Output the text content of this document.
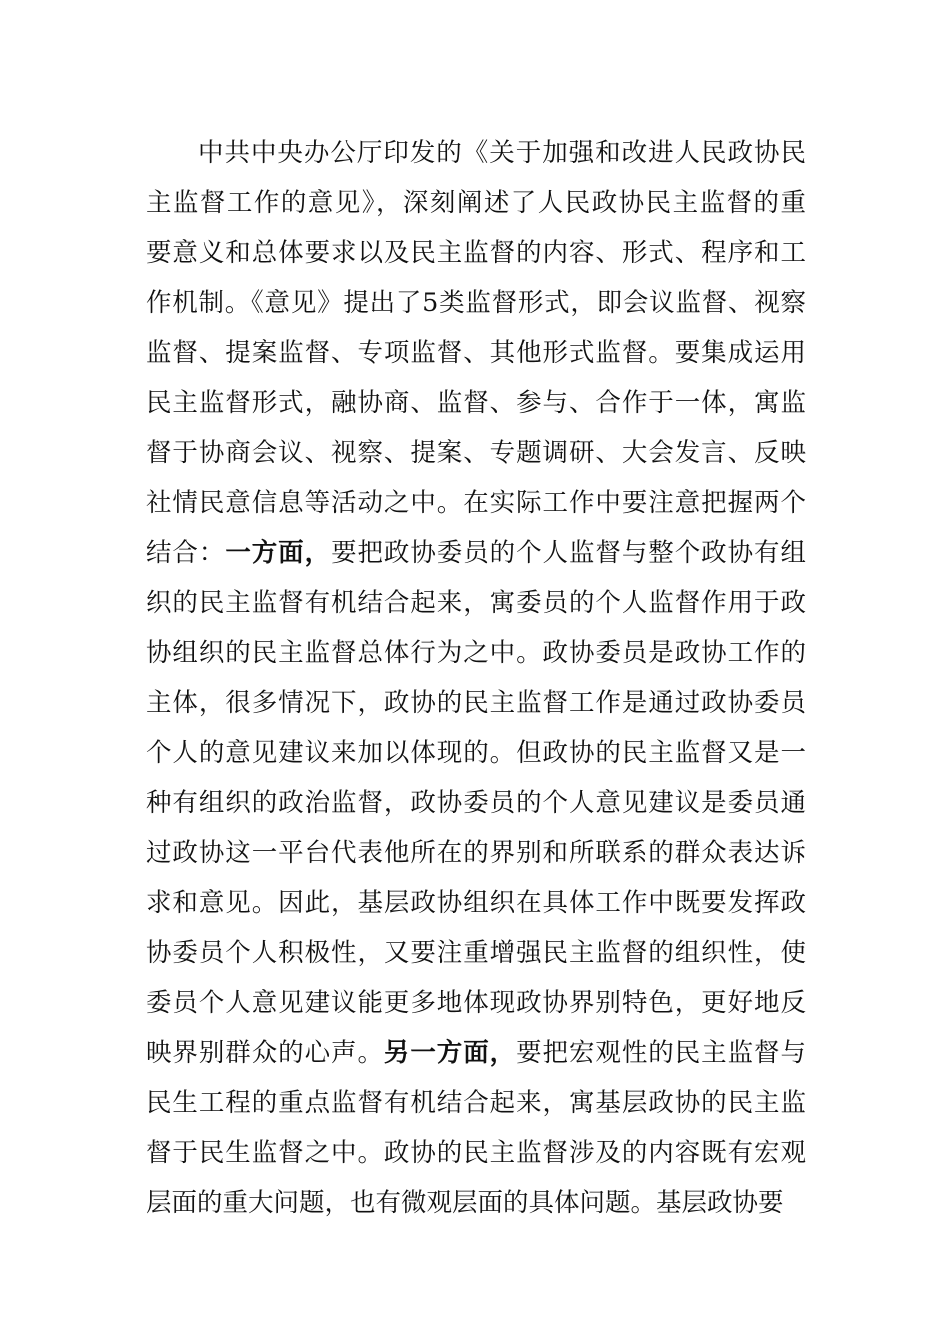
中共中央办公厅印发的《关于加强和改进人民政协民
主监督工作的意见》，深刻阐述了人民政协民主监督的重
要意义和总体要求以及民主监督的内容、形式、程序和工
作机制。《意见》提出了5类监督形式，即会议监督、视察
监督、提案监督、专项监督、其他形式监督。要集成运用
民主监督形式，融协商、监督、参与、合作于一体，寓监
督于协商会议、视察、提案、专题调研、大会发言、反映
社情民意信息等活动之中。在实际工作中要注意把握两个
结合：一方面，要把政协委员的个人监督与整个政协有组
织的民主监督有机结合起来，寓委员的个人监督作用于政
协组织的民主监督总体行为之中。政协委员是政协工作的
主体，很多情况下，政协的民主监督工作是通过政协委员
个人的意见建议来加以体现的。但政协的民主监督又是一
种有组织的政治监督，政协委员的个人意见建议是委员通
过政协这一平台代表他所在的界别和所联系的群众表达诉
求和意见。因此，基层政协组织在具体工作中既要发挥政
协委员个人积极性，又要注重增强民主监督的组织性，使
委员个人意见建议能更多地体现政协界别特色，更好地反
映界别群众的心声。另一方面，要把宏观性的民主监督与
民生工程的重点监督有机结合起来，寓基层政协的民主监
督于民生监督之中。政协的民主监督涉及的内容既有宏观
层面的重大问题，也有微观层面的具体问题。基层政协要
